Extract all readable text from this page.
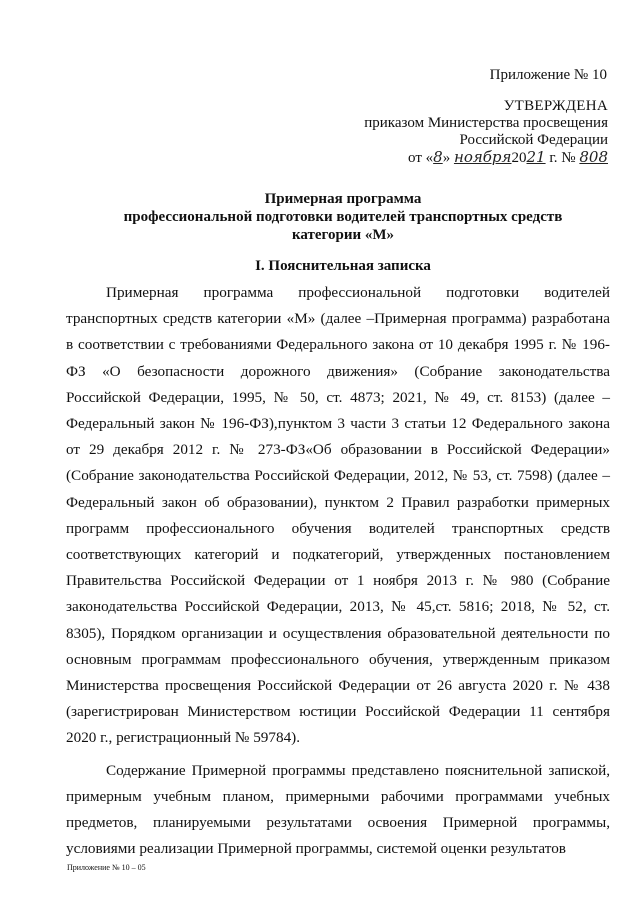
Приложение № 10
УТВЕРЖДЕНА
приказом Министерства просвещения
Российской Федерации
от «8» ноября2021 г. № 808
Примерная программа
профессиональной подготовки водителей транспортных средств
категории «М»
I. Пояснительная записка

Примерная программа профессиональной подготовки водителей транспортных средств категории «М» (далее –Примерная программа) разработана в соответствии с требованиями Федерального закона от 10 декабря 1995 г. № 196-ФЗ «О безопасности дорожного движения» (Собрание законодательства Российской Федерации, 1995, № 50, ст. 4873; 2021, № 49, ст. 8153) (далее – Федеральный закон № 196-ФЗ),пунктом 3 части 3 статьи 12 Федерального закона от 29 декабря 2012 г. № 273-ФЗ«Об образовании в Российской Федерации» (Собрание законодательства Российской Федерации, 2012, № 53, ст. 7598) (далее – Федеральный закон об образовании), пунктом 2 Правил разработки примерных программ профессионального обучения водителей транспортных средств соответствующих категорий и подкатегорий, утвержденных постановлением Правительства Российской Федерации от 1 ноября 2013 г. № 980 (Собрание законодательства Российской Федерации, 2013, № 45,ст. 5816; 2018, № 52, ст. 8305), Порядком организации и осуществления образовательной деятельности по основным программам профессионального обучения, утвержденным приказом Министерства просвещения Российской Федерации от 26 августа 2020 г. № 438 (зарегистрирован Министерством юстиции Российской Федерации 11 сентября 2020 г., регистрационный № 59784).

Содержание Примерной программы представлено пояснительной запиской, примерным учебным планом, примерными рабочими программами учебных предметов, планируемыми результатами освоения Примерной программы, условиями реализации Примерной программы, системой оценки результатов

Приложение № 10 – 05
